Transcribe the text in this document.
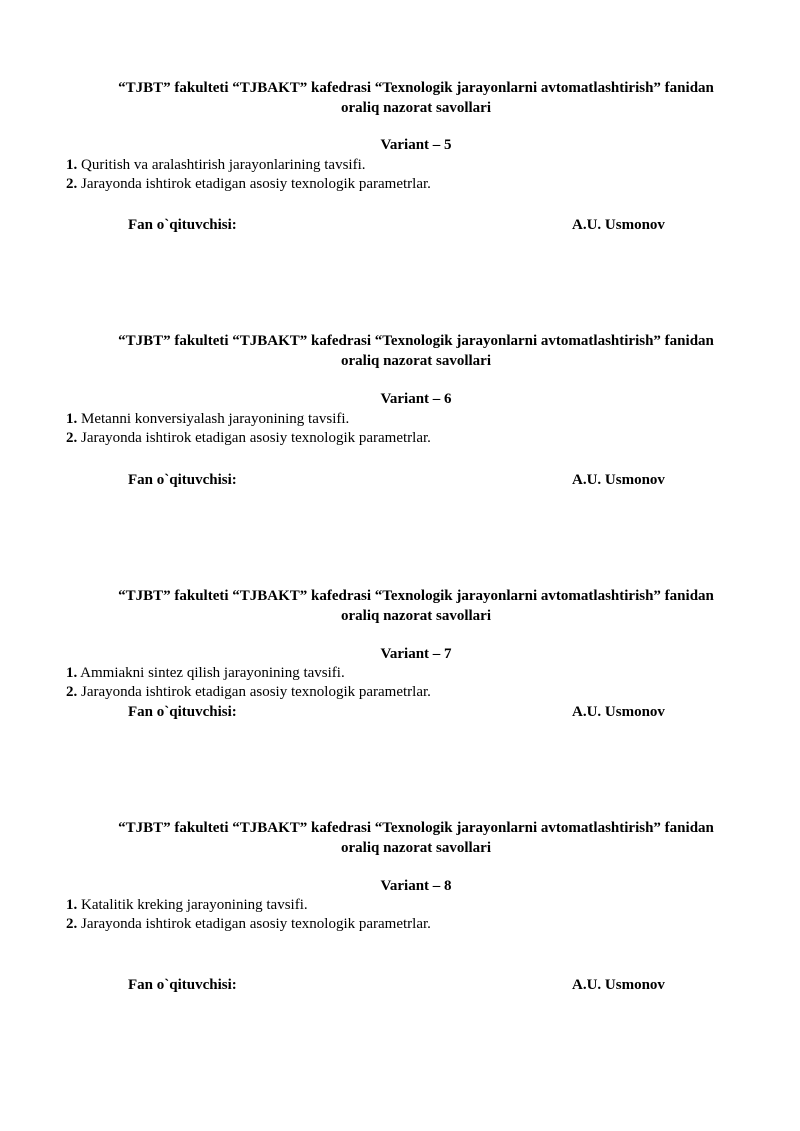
“TJBT” fakulteti “TJBAKT” kafedrasi “Texnologik jarayonlarni avtomatlashtirish” fanidan
oraliq nazorat savollari
Variant – 5
1. Quritish va aralashtirish jarayonlarining tavsifi.
2. Jarayonda ishtirok etadigan asosiy texnologik parametrlar.
Fan o`qituvchisi:	A.U. Usmonov
“TJBT” fakulteti “TJBAKT” kafedrasi “Texnologik jarayonlarni avtomatlashtirish” fanidan
oraliq nazorat savollari
Variant – 6
1. Metanni konversiyalash jarayonining tavsifi.
2. Jarayonda ishtirok etadigan asosiy texnologik parametrlar.
Fan o`qituvchisi:	A.U. Usmonov
“TJBT” fakulteti “TJBAKT” kafedrasi “Texnologik jarayonlarni avtomatlashtirish” fanidan
oraliq nazorat savollari
Variant – 7
1. Ammiakni sintez qilish jarayonining tavsifi.
2. Jarayonda ishtirok etadigan asosiy texnologik parametrlar.
Fan o`qituvchisi:	A.U. Usmonov
“TJBT” fakulteti “TJBAKT” kafedrasi “Texnologik jarayonlarni avtomatlashtirish” fanidan
oraliq nazorat savollari
Variant – 8
1. Katalitik kreking jarayonining tavsifi.
2. Jarayonda ishtirok etadigan asosiy texnologik parametrlar.
Fan o`qituvchisi:	A.U. Usmonov
